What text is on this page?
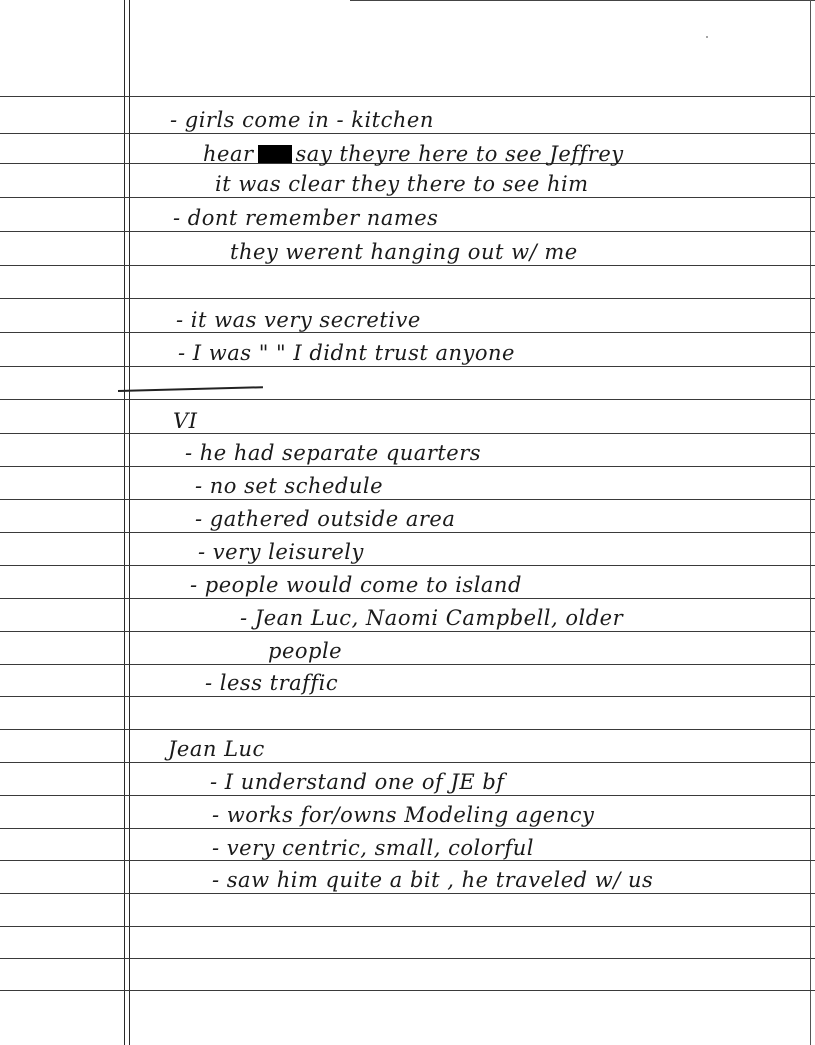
- girls come in - kitchen
hear say theyre here to see Jeffrey
it was clear they there to see him
- dont remember names
they werent hanging out w/ me
- it was very secretive
- I was " " I didnt trust anyone
VI
- he had separate quarters
- no set schedule
- gathered outside area
- very leisurely
- people would come to island
- Jean Luc, Naomi Campbell, older
people
- less traffic
Jean Luc
- I understand one of JE bf
- works for/owns Modeling agency
- very centric, small, colorful
- saw him quite a bit , he traveled w/ us
